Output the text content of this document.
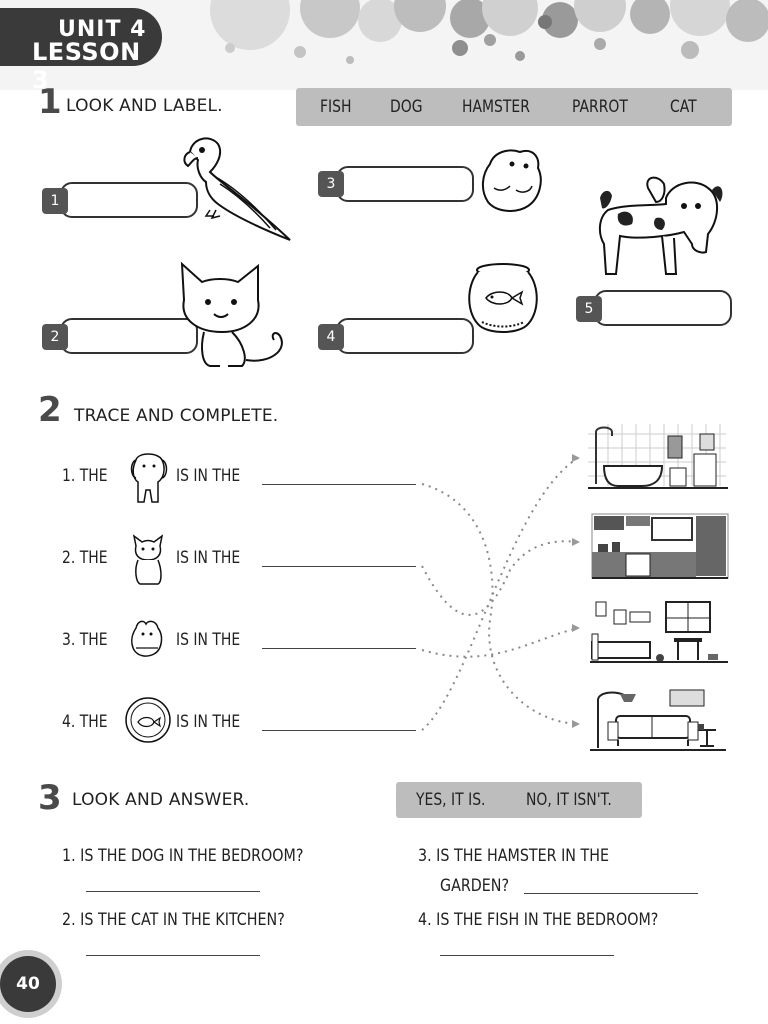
UNIT 4
LESSON 3
1 LOOK AND LABEL.	FISH DOG HAMSTER PARROT CAT
1
2
3
4
5
2 TRACE AND COMPLETE.
1. THE	IS IN THE
2. THE	IS IN THE
3. THE	IS IN THE
4. THE	IS IN THE
3 LOOK AND ANSWER.	YES, IT IS. NO, IT ISN'T.
1. IS THE DOG IN THE BEDROOM?
2. IS THE CAT IN THE KITCHEN?
3. IS THE HAMSTER IN THE
GARDEN?
4. IS THE FISH IN THE BEDROOM?
40
